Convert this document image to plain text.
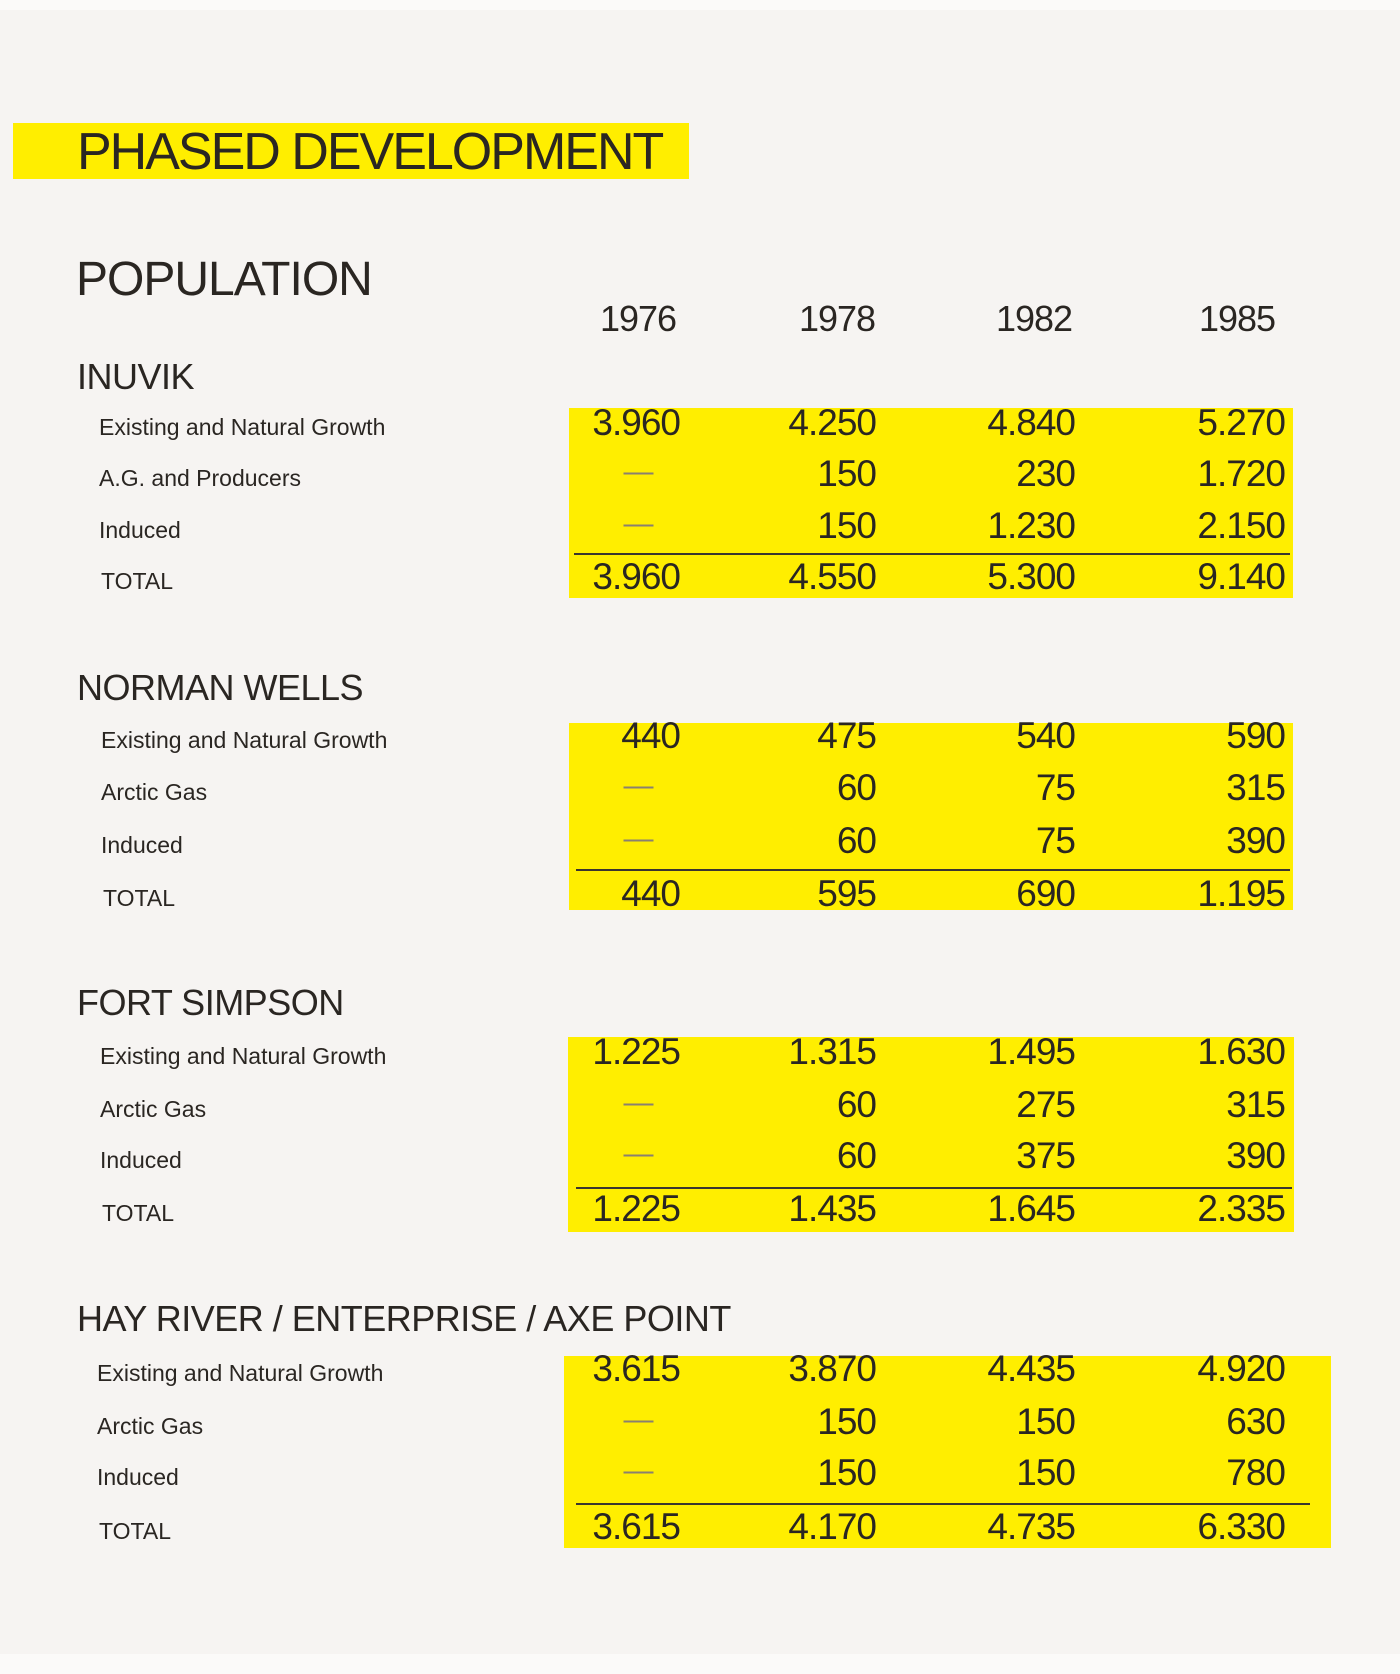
PHASED DEVELOPMENT
POPULATION
1976	1978	1982	1985
INUVIK
Existing and Natural Growth	3.960	4.250	4.840	5.270
A.G. and Producers	—	150	230	1.720
Induced	—	150	1.230	2.150
TOTAL	3.960	4.550	5.300	9.140
NORMAN WELLS
Existing and Natural Growth	440	475	540	590
Arctic Gas	—	60	75	315
Induced	—	60	75	390
TOTAL	440	595	690	1.195
FORT SIMPSON
Existing and Natural Growth	1.225	1.315	1.495	1.630
Arctic Gas	—	60	275	315
Induced	—	60	375	390
TOTAL	1.225	1.435	1.645	2.335
HAY RIVER / ENTERPRISE / AXE POINT
Existing and Natural Growth	3.615	3.870	4.435	4.920
Arctic Gas	—	150	150	630
Induced	—	150	150	780
TOTAL	3.615	4.170	4.735	6.330
